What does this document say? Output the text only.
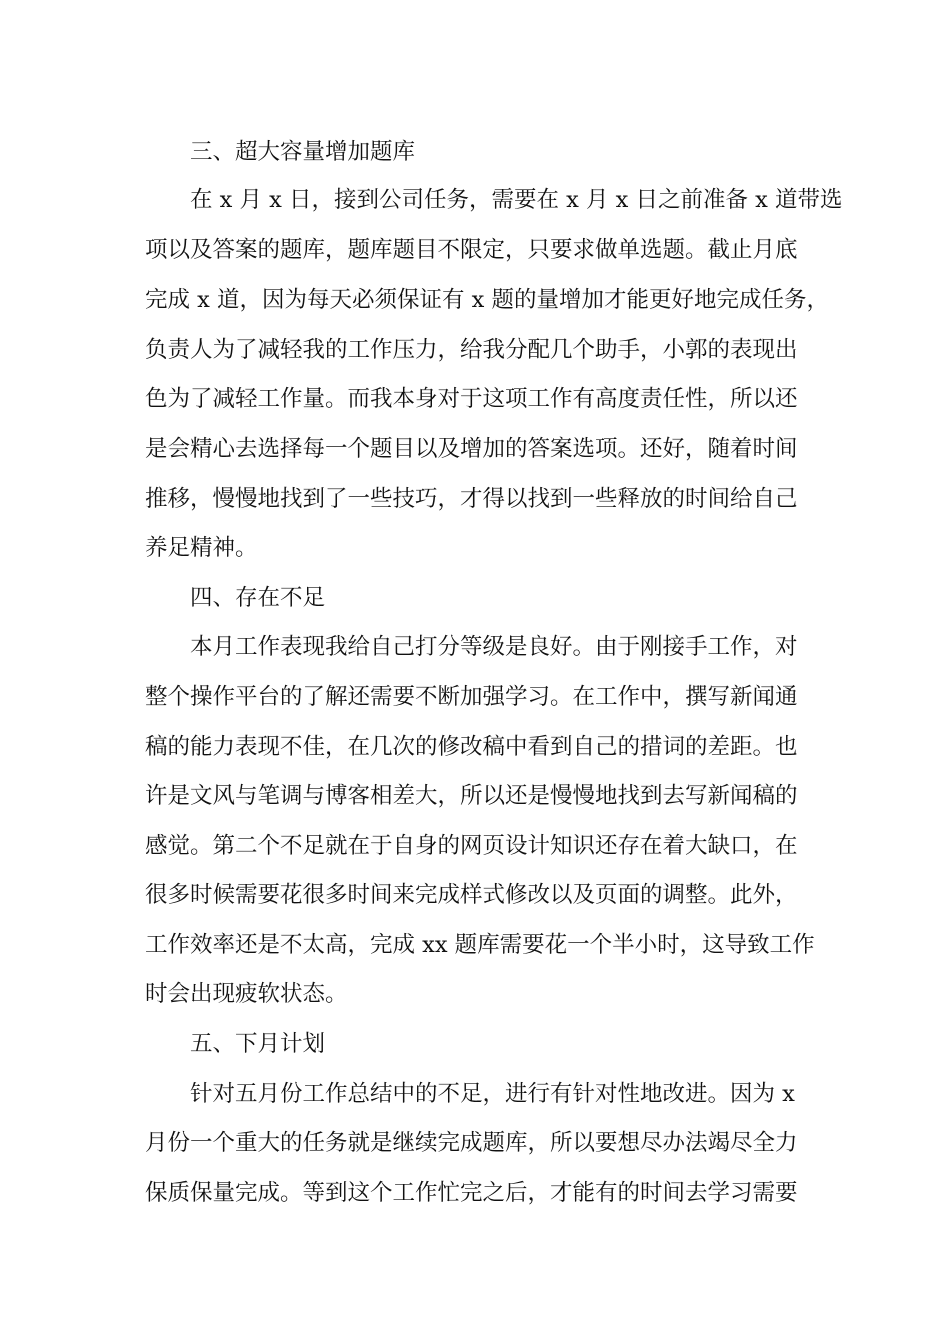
三、超大容量增加题库

在 x 月 x 日，接到公司任务，需要在 x 月 x 日之前准备 x 道带选

项以及答案的题库，题库题目不限定，只要求做单选题。截止月底

完成 x 道，因为每天必须保证有 x 题的量增加才能更好地完成任务，

负责人为了减轻我的工作压力，给我分配几个助手，小郭的表现出

色为了减轻工作量。而我本身对于这项工作有高度责任性，所以还

是会精心去选择每一个题目以及增加的答案选项。还好，随着时间

推移，慢慢地找到了一些技巧，才得以找到一些释放的时间给自己

养足精神。

四、存在不足

本月工作表现我给自己打分等级是良好。由于刚接手工作，对

整个操作平台的了解还需要不断加强学习。在工作中，撰写新闻通

稿的能力表现不佳，在几次的修改稿中看到自己的措词的差距。也

许是文风与笔调与博客相差大，所以还是慢慢地找到去写新闻稿的

感觉。第二个不足就在于自身的网页设计知识还存在着大缺口，在

很多时候需要花很多时间来完成样式修改以及页面的调整。此外，

工作效率还是不太高，完成 xx 题库需要花一个半小时，这导致工作

时会出现疲软状态。

五、下月计划

针对五月份工作总结中的不足，进行有针对性地改进。因为 x

月份一个重大的任务就是继续完成题库，所以要想尽办法竭尽全力

保质保量完成。等到这个工作忙完之后，才能有的时间去学习需要
